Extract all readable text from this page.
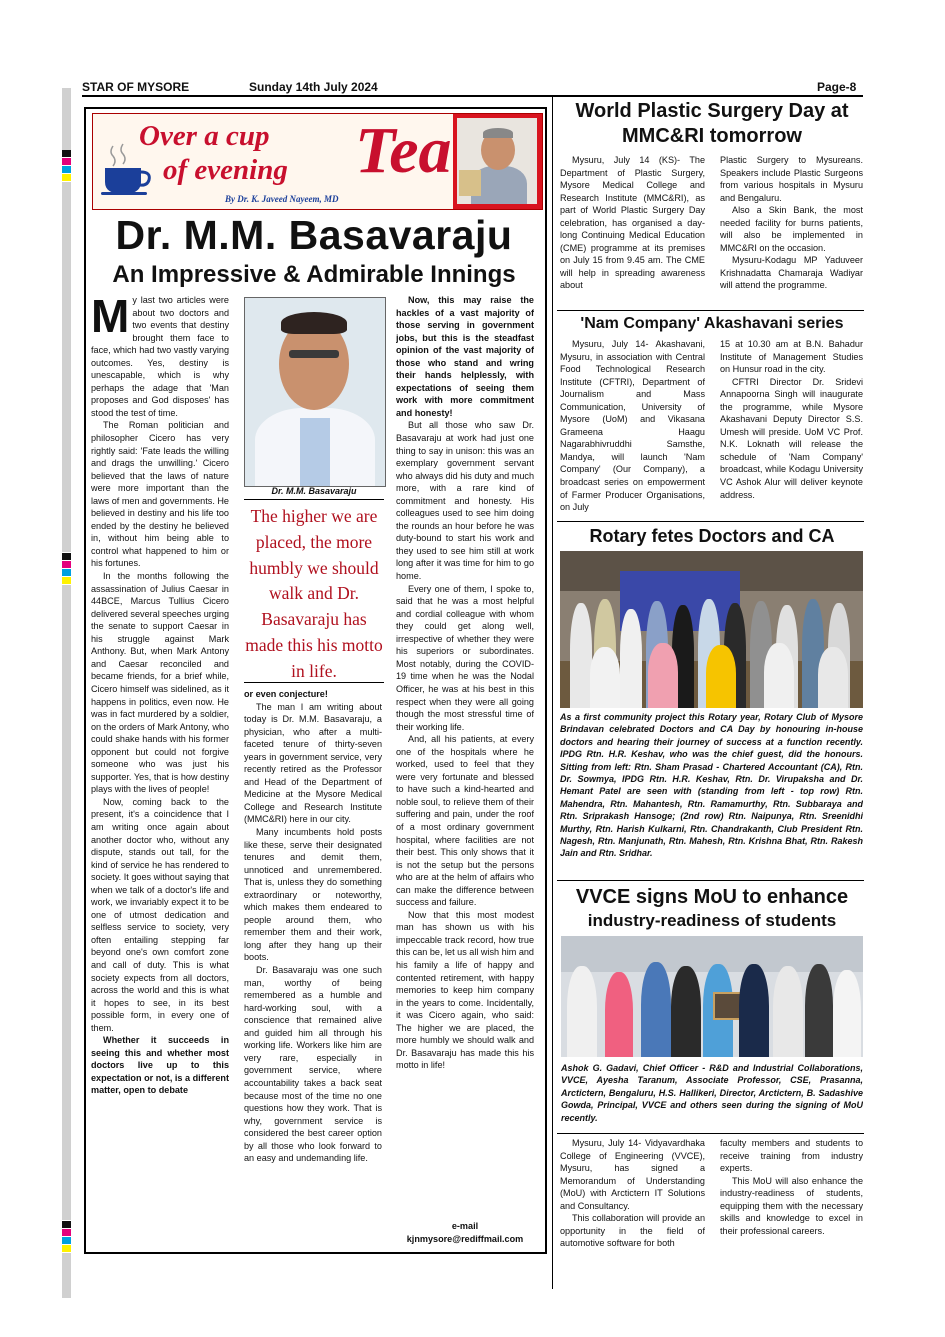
STAR OF MYSORE	Sunday 14th July 2024	Page-8
Over a cup
of evening Tea
By Dr. K. Javeed Nayeem, MD
Dr. M.M. Basavaraju
An Impressive & Admirable Innings
M y last two articles were about two doctors and two events that destiny brought them face to face, which had two vastly varying outcomes. Yes, destiny is unescapable, which is why perhaps the adage that 'Man proposes and God disposes' has stood the test of time.

The Roman politician and philosopher Cicero has very rightly said: 'Fate leads the willing and drags the unwilling.' Cicero believed that the laws of nature were more important than the laws of men and governments. He believed in destiny and his life too ended by the destiny he believed in, without him being able to control what happened to him or his fortunes.

In the months following the assassination of Julius Caesar in 44BCE, Marcus Tullius Cicero delivered several speeches urging the senate to support Caesar in his struggle against Mark Anthony. But, when Mark Antony and Caesar reconciled and became friends, for a brief while, Cicero himself was sidelined, as it happens in politics, even now. He was in fact murdered by a soldier, on the orders of Mark Antony, who could shake hands with his former opponent but could not forgive someone who was just his supporter. Yes, that is how destiny plays with the lives of people!

Now, coming back to the present, it's a coincidence that I am writing once again about another doctor who, without any dispute, stands out tall, for the kind of service he has rendered to society. It goes without saying that when we talk of a doctor's life and work, we invariably expect it to be one of utmost dedication and selfless service to society, very often entailing stepping far beyond one's own comfort zone and call of duty. This is what society expects from all doctors, across the world and this is what it hopes to see, in its best possible form, in every one of them.

Whether it succeeds in seeing this and whether most doctors live up to this expectation or not, is a different matter, open to debate

Dr. M.M. Basavaraju
The higher we are placed, the more humbly we should walk and Dr. Basavaraju has made this his motto in life.

or even conjecture!

The man I am writing about today is Dr. M.M. Basavaraju, a physician, who after a multi-faceted tenure of thirty-seven years in government service, very recently retired as the Professor and Head of the Department of Medicine at the Mysore Medical College and Research Institute (MMC&RI) here in our city.

Many incumbents hold posts like these, serve their designated tenures and demit them, unnoticed and unremembered. That is, unless they do something extraordinary or noteworthy, which makes them endeared to people around them, who remember them and their work, long after they hang up their boots.

Dr. Basavaraju was one such man, worthy of being remembered as a humble and hard-working soul, with a conscience that remained alive and guided him all through his working life. Workers like him are very rare, especially in government service, where accountability takes a back seat because most of the time no one questions how they work. That is why, government service is considered the best career option by all those who look forward to an easy and undemanding life.

Now, this may raise the hackles of a vast majority of those serving in government jobs, but this is the steadfast opinion of the vast majority of those who stand and wring their hands helplessly, with expectations of seeing them work with more commitment and honesty!

But all those who saw Dr. Basavaraju at work had just one thing to say in unison: this was an exemplary government servant who always did his duty and much more, with a rare kind of commitment and honesty. His colleagues used to see him doing the rounds an hour before he was duty-bound to start his work and they used to see him still at work long after it was time for him to go home.

Every one of them, I spoke to, said that he was a most helpful and cordial colleague with whom they could get along well, irrespective of whether they were his superiors or subordinates. Most notably, during the COVID-19 time when he was the Nodal Officer, he was at his best in this respect when they were all going though the most stressful time of their working life.

And, all his patients, at every one of the hospitals where he worked, used to feel that they were very fortunate and blessed to have such a kind-hearted and noble soul, to relieve them of their suffering and pain, under the roof of a most ordinary government hospital, where facilities are not their best. This only shows that it is not the setup but the persons who are at the helm of affairs who can make the difference between success and failure.

Now that this most modest man has shown us with his impeccable track record, how true this can be, let us all wish him and his family a life of happy and contented retirement, with happy memories to keep him company in the years to come. Incidentally, it was Cicero again, who said: The higher we are placed, the more humbly we should walk and Dr. Basavaraju has made this his motto in life!

e-mail
kjnmysore@rediffmail.com
World Plastic Surgery Day at MMC&RI tomorrow

Mysuru, July 14 (KS)- The Department of Plastic Surgery, Mysore Medical College and Research Institute (MMC&RI), as part of World Plastic Surgery Day celebration, has organised a day-long Continuing Medical Education (CME) programme at its premises on July 15 from 9.45 am. The CME will help in spreading awareness about

Plastic Surgery to Mysureans. Speakers include Plastic Surgeons from various hospitals in Mysuru and Bengaluru.

Also a Skin Bank, the most needed facility for burns patients, will also be implemented in MMC&RI on the occasion.

Mysuru-Kodagu MP Yaduveer Krishnadatta Chamaraja Wadiyar will attend the programme.

'Nam Company' Akashavani series

Mysuru, July 14- Akashavani, Mysuru, in association with Central Food Technological Research Institute (CFTRI), Department of Journalism and Mass Communication, University of Mysore (UoM) and Vikasana Grameena Haagu Nagarabhivruddhi Samsthe, Mandya, will launch 'Nam Company' (Our Company), a broadcast series on empowerment of Farmer Producer Organisations, on July

15 at 10.30 am at B.N. Bahadur Institute of Management Studies on Hunsur road in the city.

CFTRI Director Dr. Sridevi Annapoorna Singh will inaugurate the programme, while Mysore Akashavani Deputy Director S.S. Umesh will preside. UoM VC Prof. N.K. Loknath will release the schedule of 'Nam Company' broadcast, while Kodagu University VC Ashok Alur will deliver keynote address.

Rotary fetes Doctors and CA
As a first community project this Rotary year, Rotary Club of Mysore Brindavan celebrated Doctors and CA Day by honouring in-house doctors and hearing their journey of success at a function recently. IPDG Rtn. H.R. Keshav, who was the chief guest, did the honours. Sitting from left: Rtn. Sham Prasad - Chartered Accountant (CA), Rtn. Dr. Sowmya, IPDG Rtn. H.R. Keshav, Rtn. Dr. Virupaksha and Dr. Hemant Patel are seen with (standing from left - top row) Rtn. Mahendra, Rtn. Mahantesh, Rtn. Ramamurthy, Rtn. Subbaraya and Rtn. Sriprakash Hansoge; (2nd row) Rtn. Naipunya, Rtn. Sreenidhi Murthy, Rtn. Harish Kulkarni, Rtn. Chandrakanth, Club President Rtn. Nagesh, Rtn. Manjunath, Rtn. Mahesh, Rtn. Krishna Bhat, Rtn. Rakesh Jain and Rtn. Sridhar.
VVCE signs MoU to enhance
industry-readiness of students
Ashok G. Gadavi, Chief Officer - R&D and Industrial Collaborations, VVCE, Ayesha Taranum, Associate Professor, CSE, Prasanna, Arctictern, Bengaluru, H.S. Hallikeri, Director, Arctictern, B. Sadashive Gowda, Principal, VVCE and others seen during the signing of MoU recently.

Mysuru, July 14- Vidyavardhaka College of Engineering (VVCE), Mysuru, has signed a Memorandum of Understanding (MoU) with Arctictern IT Solutions and Consultancy.

This collaboration will provide an opportunity in the field of automotive software for both

faculty members and students to receive training from industry experts.

This MoU will also enhance the industry-readiness of students, equipping them with the necessary skills and knowledge to excel in their professional careers.
